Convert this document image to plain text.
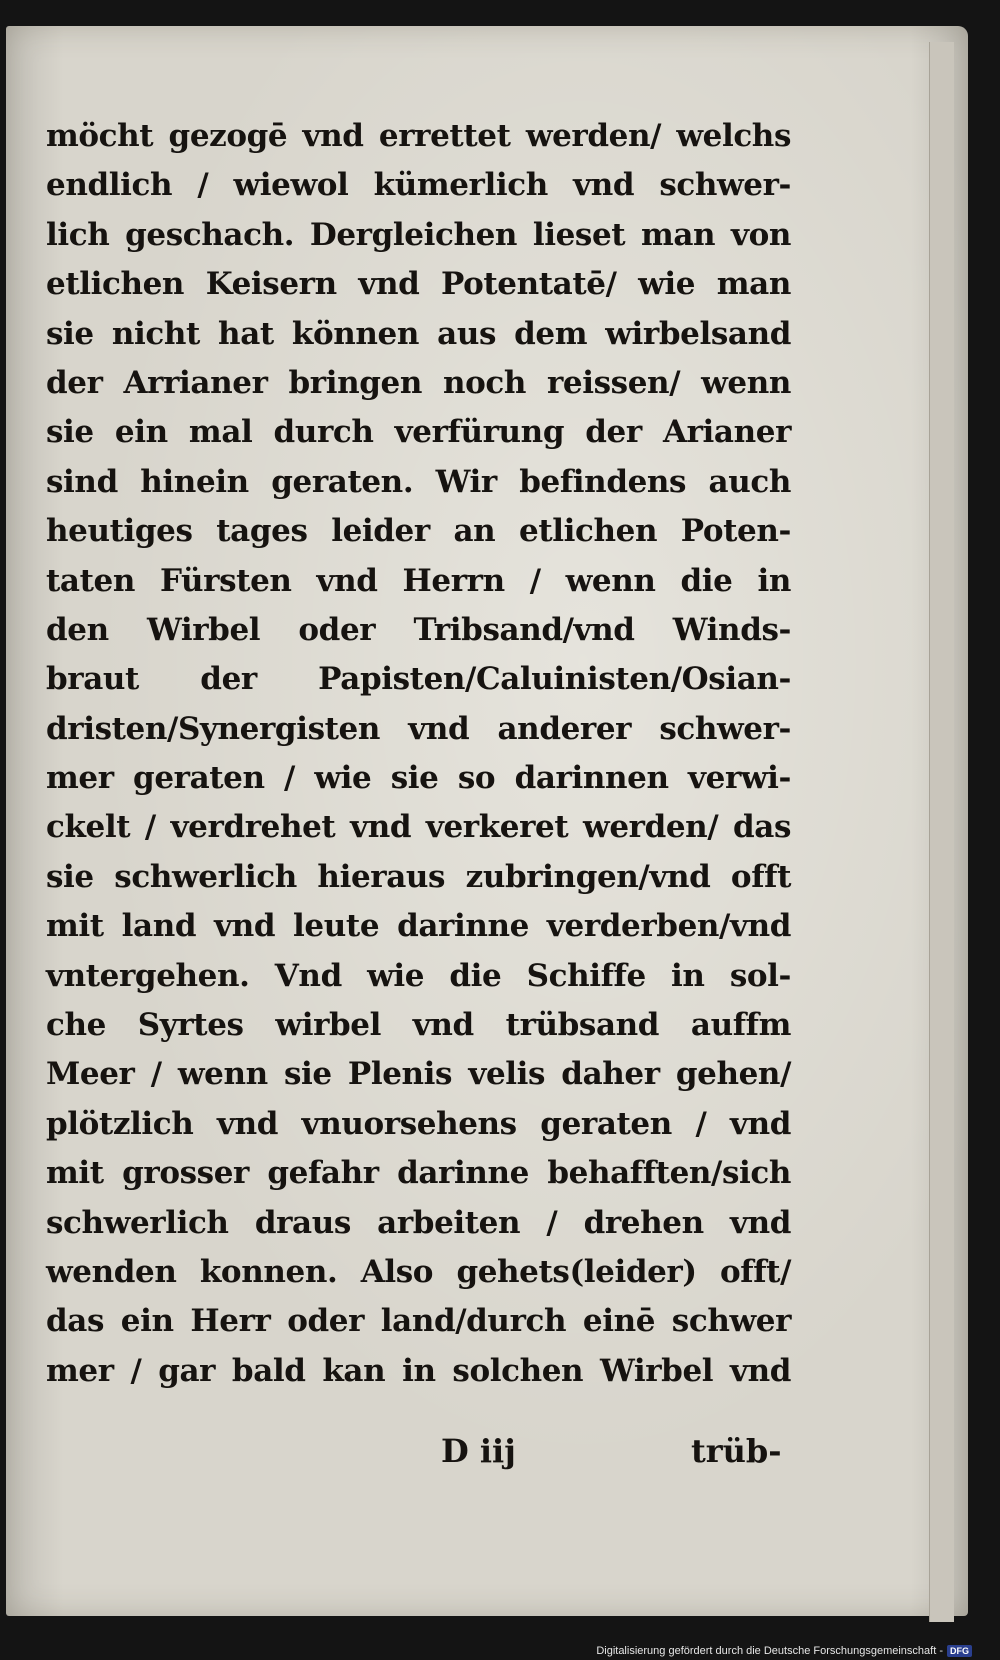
möcht gezogē vnd errettet werden/ welchs
endlich / wiewol kümerlich vnd schwer-
lich geschach. Dergleichen lieset man von
etlichen Keisern vnd Potentatē/ wie man
sie nicht hat können aus dem wirbelsand
der Arrianer bringen noch reissen/ wenn
sie ein mal durch verfürung der Arianer
sind hinein geraten. Wir befindens auch
heutiges tages leider an etlichen Poten-
taten Fürsten vnd Herrn / wenn die in
den Wirbel oder Tribsand/vnd Winds-
braut der Papisten/Caluinisten/Osian-
dristen/Synergisten vnd anderer schwer-
mer geraten / wie sie so darinnen verwi-
ckelt / verdrehet vnd verkeret werden/ das
sie schwerlich hieraus zubringen/vnd offt
mit land vnd leute darinne verderben/vnd
vntergehen. Vnd wie die Schiffe in sol-
che Syrtes wirbel vnd trübsand auffm
Meer / wenn sie Plenis velis daher gehen/
plötzlich vnd vnuorsehens geraten / vnd
mit grosser gefahr darinne behafften/sich
schwerlich draus arbeiten / drehen vnd
wenden konnen. Also gehets(leider) offt/
das ein Herr oder land/durch einē schwer
mer / gar bald kan in solchen Wirbel vnd
D iij	trüb-
Digitalisierung gefördert durch die Deutsche Forschungsgemeinschaft - DFG
